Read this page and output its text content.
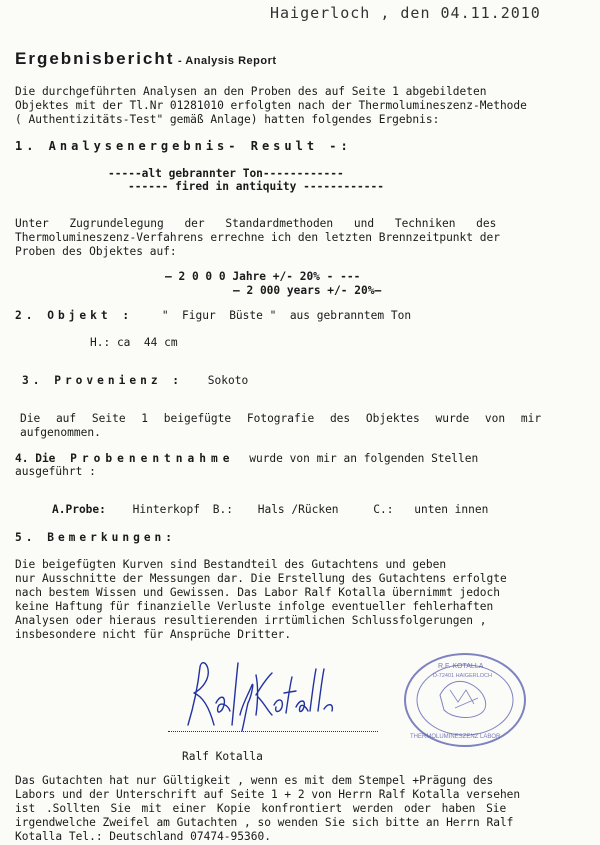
Haigerloch , den 04.11.2010
Ergebnisbericht - Analysis Report
Die durchgeführten Analysen an den Proben des auf Seite 1 abgebildeten
Objektes mit der Tl.Nr 01281010 erfolgten nach der Thermolumineszenz-Methode
( Authentizitäts-Test" gemäß Anlage) hatten folgendes Ergebnis:
1. Analysenergebnis- Result -:
-----alt gebrannter Ton------------
------ fired in antiquity ------------
Unter Zugrundelegung der Standardmethoden und Techniken des
Thermolumineszenz-Verfahrens errechne ich den letzten Brennzeitpunkt der
Proben des Objektes auf:
— 2 0 0 0 Jahre +/- 20% - ---
– 2 000 years +/- 20%—
2. Objekt :	"  Figur  Büste "  aus gebranntem Ton
H.: ca  44 cm
3. Provenienz : Sokoto
Die auf Seite 1 beigefügte Fotografie des Objektes wurde von mir
aufgenommen.
4. Die Probenentnahme wurde von mir an folgenden Stellen
ausgeführt :
A.Probe: Hinterkopf B.: Hals /Rücken	C.: unten innen
5. Bemerkungen:
Die beigefügten Kurven sind Bestandteil des Gutachtens und geben
nur Ausschnitte der Messungen dar. Die Erstellung des Gutachtens erfolgte
nach bestem Wissen und Gewissen. Das Labor Ralf Kotalla übernimmt jedoch
keine Haftung für finanzielle Verluste infolge eventueller fehlerhaften
Analysen oder hieraus resultierenden irrtümlichen Schlussfolgerungen ,
insbesondere nicht für Ansprüche Dritter.
Ralf Kotalla
R.F. KOTALLA
D-72401 HAIGERLOCH
THERMOLUMINESZENZ LABOR
Das Gutachten hat nur Gültigkeit , wenn es mit dem Stempel +Prägung des
Labors und der Unterschrift auf Seite 1 + 2 von Herrn Ralf Kotalla versehen
ist .Sollten Sie mit einer Kopie konfrontiert werden oder haben Sie
irgendwelche Zweifel am Gutachten , so wenden Sie sich bitte an Herrn Ralf
Kotalla Tel.: Deutschland 07474-95360.
